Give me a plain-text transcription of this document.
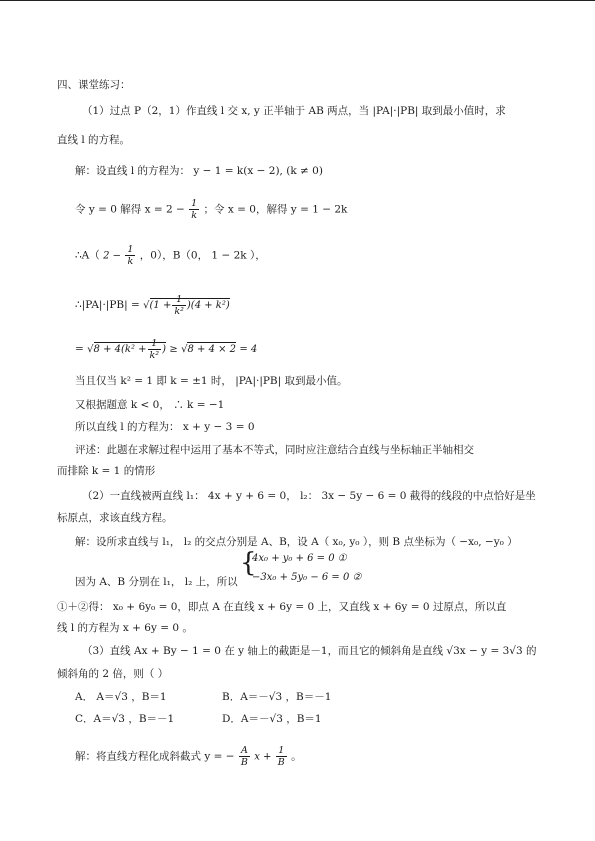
四、课堂练习：
（1）过点 P（2，1）作直线 l 交 x, y 正半轴于 AB 两点，当 |PA|·|PB| 取到最小值时，求
直线 l 的方程。
解：设直线 l 的方程为： y − 1 = k(x − 2), (k ≠ 0)
令 y = 0 解得 $x = 2 - \frac{1}{k}$ ；令 x = 0，解得 y = 1 − 2k
∴A（ $2 - \frac{1}{k}$ ，0），B（0， 1 − 2k ），
∴|PA|·|PB| = $√(1 + \frac{1}{\text{k²}} )(4 + k^2)$
= $√8 + 4(k^2 + \frac{1}{\text{k²}}$ ) ≥ √8 + 4 × 2 = 4
当且仅当 k² = 1 即 k = ±1 时， |PA|·|PB| 取到最小值。
又根据题意 k < 0， ∴ k = −1
所以直线 l 的方程为： x + y − 3 = 0
评述：此题在求解过程中运用了基本不等式，同时应注意结合直线与坐标轴正半轴相交
而排除 k = 1 的情形
（2）一直线被两直线 l₁： 4x + y + 6 = 0， l₂： 3x − 5y − 6 = 0 截得的线段的中点恰好是坐
标原点，求该直线方程。
解：设所求直线与 l₁， l₂ 的交点分别是 A、B，设 A（ x₀, y₀ ），则 B 点坐标为（ −x₀, −y₀ ）
{
4x₀ + y₀ + 6 = 0 ①
因为 A、B 分别在 l₁， l₂ 上，所以 −3x₀ + 5y₀ − 6 = 0 ②
①＋②得： x₀ + 6y₀ = 0，即点 A 在直线 x + 6y = 0 上，又直线 x + 6y = 0 过原点，所以直
线 l 的方程为 x + 6y = 0 。
（3）直线 Ax + By − 1 = 0 在 y 轴上的截距是－1，而且它的倾斜角是直线 √3x − y = 3√3 的
倾斜角的 2 倍，则（ ）
A． A＝√3 ，B＝1	B．A＝－√3 ，B＝－1
C．A＝√3 ，B＝－1	D．A＝－√3 ，B＝1
解：将直线方程化成斜截式 y = − $\frac{A}{B}$ $x + \frac{1}{B}$ 。
